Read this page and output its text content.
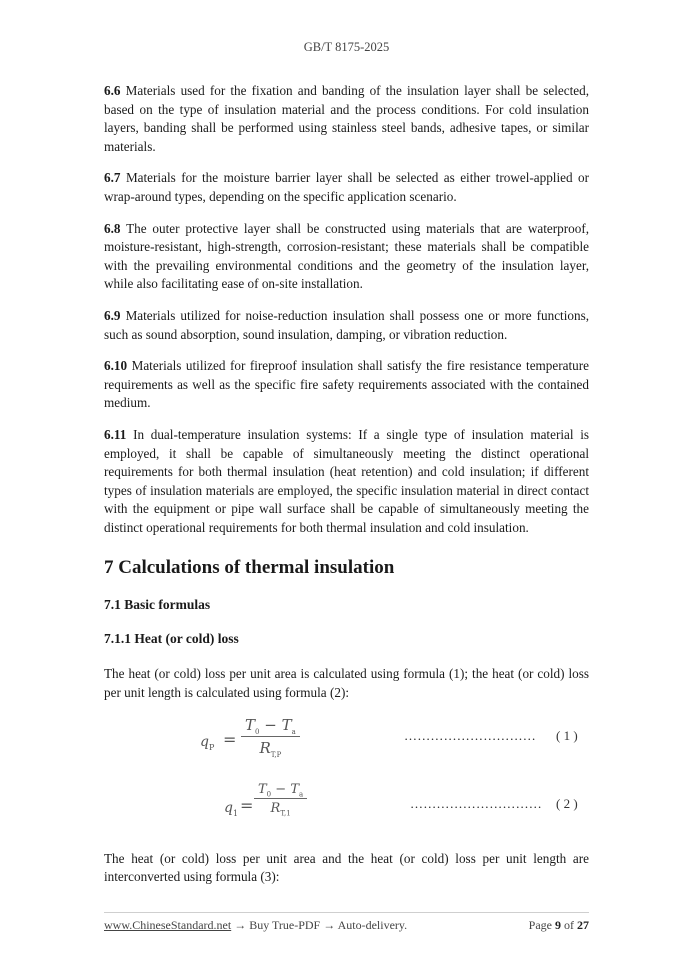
GB/T 8175-2025

6.6 Materials used for the fixation and banding of the insulation layer shall be selected, based on the type of insulation material and the process conditions. For cold insulation layers, banding shall be performed using stainless steel bands, adhesive tapes, or similar materials.

6.7 Materials for the moisture barrier layer shall be selected as either trowel-applied or wrap-around types, depending on the specific application scenario.

6.8 The outer protective layer shall be constructed using materials that are waterproof, moisture-resistant, high-strength, corrosion-resistant; these materials shall be compatible with the prevailing environmental conditions and the geometry of the insulation layer, while also facilitating ease of on-site installation.

6.9 Materials utilized for noise-reduction insulation shall possess one or more functions, such as sound absorption, sound insulation, damping, or vibration reduction.

6.10 Materials utilized for fireproof insulation shall satisfy the fire resistance temperature requirements as well as the specific fire safety requirements associated with the contained medium.

6.11 In dual-temperature insulation systems: If a single type of insulation material is employed, it shall be capable of simultaneously meeting the distinct operational requirements for both thermal insulation (heat retention) and cold insulation; if different types of insulation materials are employed, the specific insulation material in direct contact with the equipment or pipe wall surface shall be capable of simultaneously meeting the distinct operational requirements for both thermal insulation and cold insulation.

7 Calculations of thermal insulation
7.1 Basic formulas
7.1.1 Heat (or cold) loss

The heat (or cold) loss per unit area is calculated using formula (1); the heat (or cold) loss per unit length is calculated using formula (2):

$q_P = \frac{T_0 - T_a}{R_{T,P}}$	………………………… ( 1 )
$q_1 = \frac{T_0 - T_a}{R_{T,1}}$	………………………… ( 2 )

The heat (or cold) loss per unit area and the heat (or cold) loss per unit length are interconverted using formula (3):

www.ChineseStandard.net → Buy True-PDF → Auto-delivery.	Page 9 of 27
